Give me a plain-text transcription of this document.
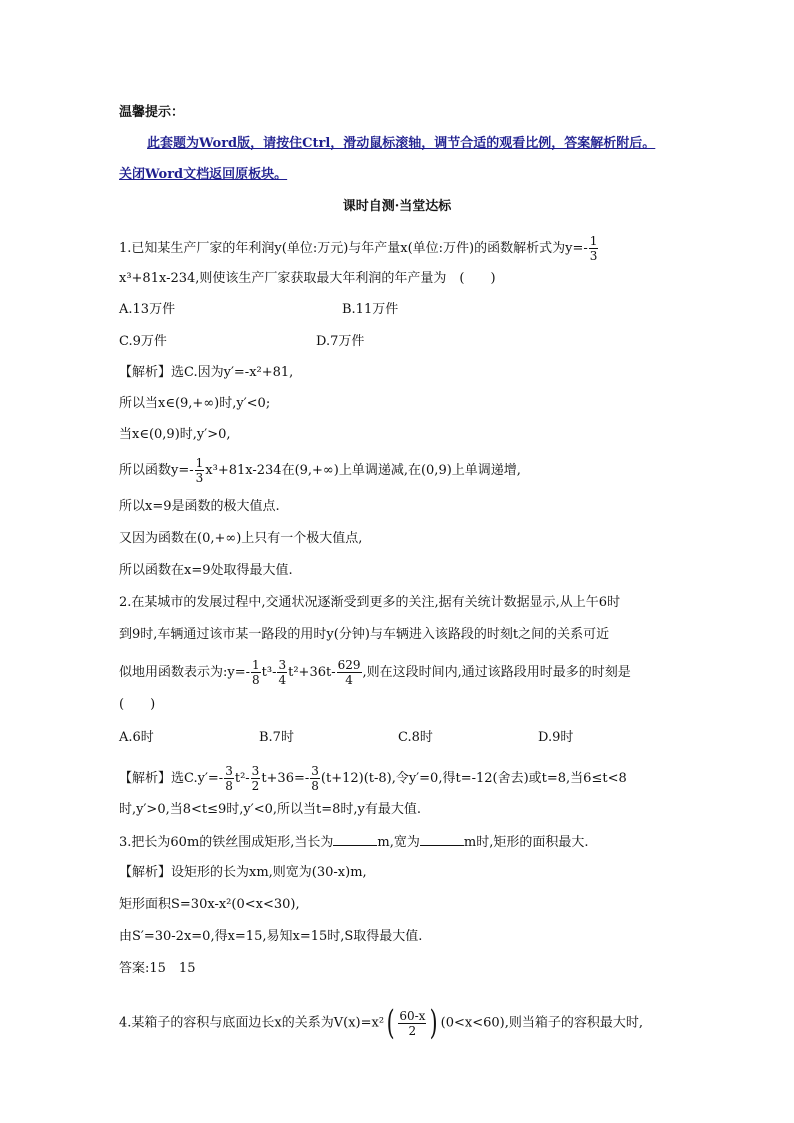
温馨提示：
此套题为Word版，请按住Ctrl，滑动鼠标滚轴，调节合适的观看比例，答案解析附后。
关闭Word文档返回原板块。
课时自测·当堂达标
1.已知某生产厂家的年利润y(单位:万元)与年产量x(单位:万件)的函数解析式为$y=- \frac{1}{3}$
x³+81x-234,则使该生产厂家获取最大年利润的年产量为　(　　)
A.13万件	B.11万件
C.9万件	D.7万件
【解析】选C.因为y′=-x²+81,
所以当x∈(9,+∞)时,y′<0;
当x∈(0,9)时,y′>0,
所以函数$y=- \frac{1}{3} x^3+81x-234$在(9,+∞)上单调递减,在(0,9)上单调递增,
所以x=9是函数的极大值点.
又因为函数在(0,+∞)上只有一个极大值点,
所以函数在x=9处取得最大值.
2.在某城市的发展过程中,交通状况逐渐受到更多的关注,据有关统计数据显示,从上午6时
到9时,车辆通过该市某一路段的用时y(分钟)与车辆进入该路段的时刻t之间的关系可近
似地用函数表示为:y=- $\frac{1}{8} t^3- \frac{3}{4} t^2+36t- \frac{629}{4}$ ,则在这段时间内,通过该路段用时最多的时刻是
(　　)
A.6时	B.7时	C.8时	D.9时
【解析】选$C.y'=- \frac{3}{8} t^2- \frac{3}{2} t+36=- \frac{3}{8} (t+12)(t-8)$,令y′=0,得t=-12(舍去)或t=8,当6≤t<8
时,y′>0,当8<t≤9时,y′<0,所以当t=8时,y有最大值.
3.把长为60m的铁丝围成矩形,当长为	m,宽为	m时,矩形的面积最大.
【解析】设矩形的长为xm,则宽为(30-x)m,
矩形面积S=30x-x²(0<x<30),
由S′=30-2x=0,得x=15,易知x=15时,S取得最大值.
答案:15　15
4.某箱子的容积与底面边长x的关系为$V(x)=x^2( \frac{60-x}{2}$ ) (0<x<60),则当箱子的容积最大时,
